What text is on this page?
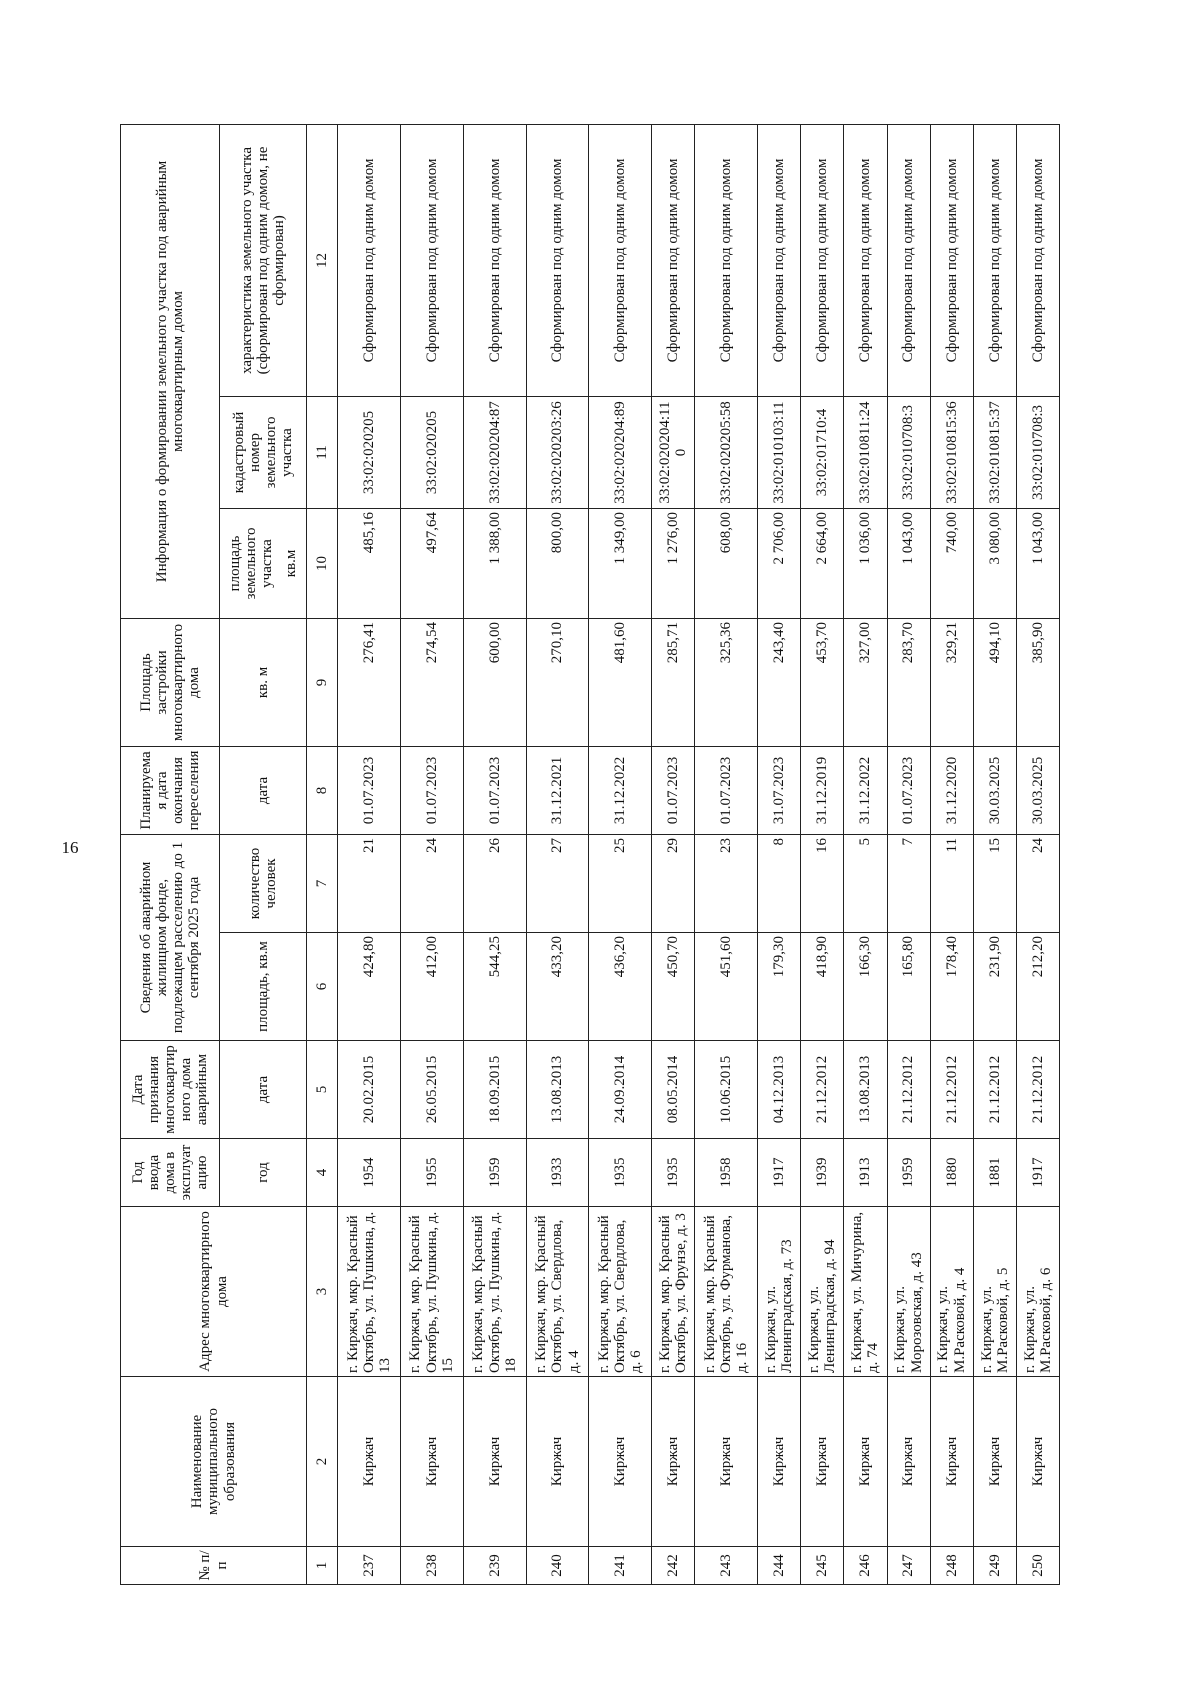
16
№ п/п	Наименование муниципального образования	Адрес многоквартирного дома	Год ввода дома в эксплуатацию	Дата признания многоквартирного дома аварийным	Сведения об аварийном жилищном фонде, подлежащем расселению до 1 сентября 2025 года		Планируемая дата окончания переселения	Площадь застройки многоквартирного дома	Информация о формировании земельного участка под аварийным многоквартирным домом		
			год	дата	площадь, кв.м	количество человек	дата	кв. м	площадь земельного участка кв.м	кадастровый номер земельного участка	характеристика земельного участка (сформирован под одним домом, не сформирован)
1	2	3	4	5	6	7	8	9	10	11	12
237	Киржач	г. Киржач, мкр. Красный Октябрь, ул. Пушкина, д. 13	1954	20.02.2015	424,80	21	01.07.2023	276,41	485,16	33:02:020205	Сформирован под одним домом
238	Киржач	г. Киржач, мкр. Красный Октябрь, ул. Пушкина, д. 15	1955	26.05.2015	412,00	24	01.07.2023	274,54	497,64	33:02:020205	Сформирован под одним домом
239	Киржач	г. Киржач, мкр. Красный Октябрь, ул. Пушкина, д. 18	1959	18.09.2015	544,25	26	01.07.2023	600,00	1 388,00	33:02:020204:87	Сформирован под одним домом
240	Киржач	г. Киржач, мкр. Красный Октябрь, ул. Свердлова, д. 4	1933	13.08.2013	433,20	27	31.12.2021	270,10	800,00	33:02:020203:26	Сформирован под одним домом
241	Киржач	г. Киржач, мкр. Красный Октябрь, ул. Свердлова, д. 6	1935	24.09.2014	436,20	25	31.12.2022	481,60	1 349,00	33:02:020204:89	Сформирован под одним домом
242	Киржач	г. Киржач, мкр. Красный Октябрь, ул. Фрунзе, д. 3	1935	08.05.2014	450,70	29	01.07.2023	285,71	1 276,00	33:02:020204:110	Сформирован под одним домом
243	Киржач	г. Киржач, мкр. Красный Октябрь, ул. Фурманова, д. 16	1958	10.06.2015	451,60	23	01.07.2023	325,36	608,00	33:02:020205:58	Сформирован под одним домом
244	Киржач	г. Киржач, ул. Ленинградская, д. 73	1917	04.12.2013	179,30	8	31.07.2023	243,40	2 706,00	33:02:010103:11	Сформирован под одним домом
245	Киржач	г. Киржач, ул. Ленинградская, д. 94	1939	21.12.2012	418,90	16	31.12.2019	453,70	2 664,00	33:02:01710:4	Сформирован под одним домом
246	Киржач	г. Киржач, ул. Мичурина, д. 74	1913	13.08.2013	166,30	5	31.12.2022	327,00	1 036,00	33:02:010811:24	Сформирован под одним домом
247	Киржач	г. Киржач, ул. Морозовская, д. 43	1959	21.12.2012	165,80	7	01.07.2023	283,70	1 043,00	33:02:010708:3	Сформирован под одним домом
248	Киржач	г. Киржач, ул. М.Расковой, д. 4	1880	21.12.2012	178,40	11	31.12.2020	329,21	740,00	33:02:010815:36	Сформирован под одним домом
249	Киржач	г. Киржач, ул. М.Расковой, д. 5	1881	21.12.2012	231,90	15	30.03.2025	494,10	3 080,00	33:02:010815:37	Сформирован под одним домом
250	Киржач	г. Киржач, ул. М.Расковой, д. 6	1917	21.12.2012	212,20	24	30.03.2025	385,90	1 043,00	33:02:010708:3	Сформирован под одним домом
